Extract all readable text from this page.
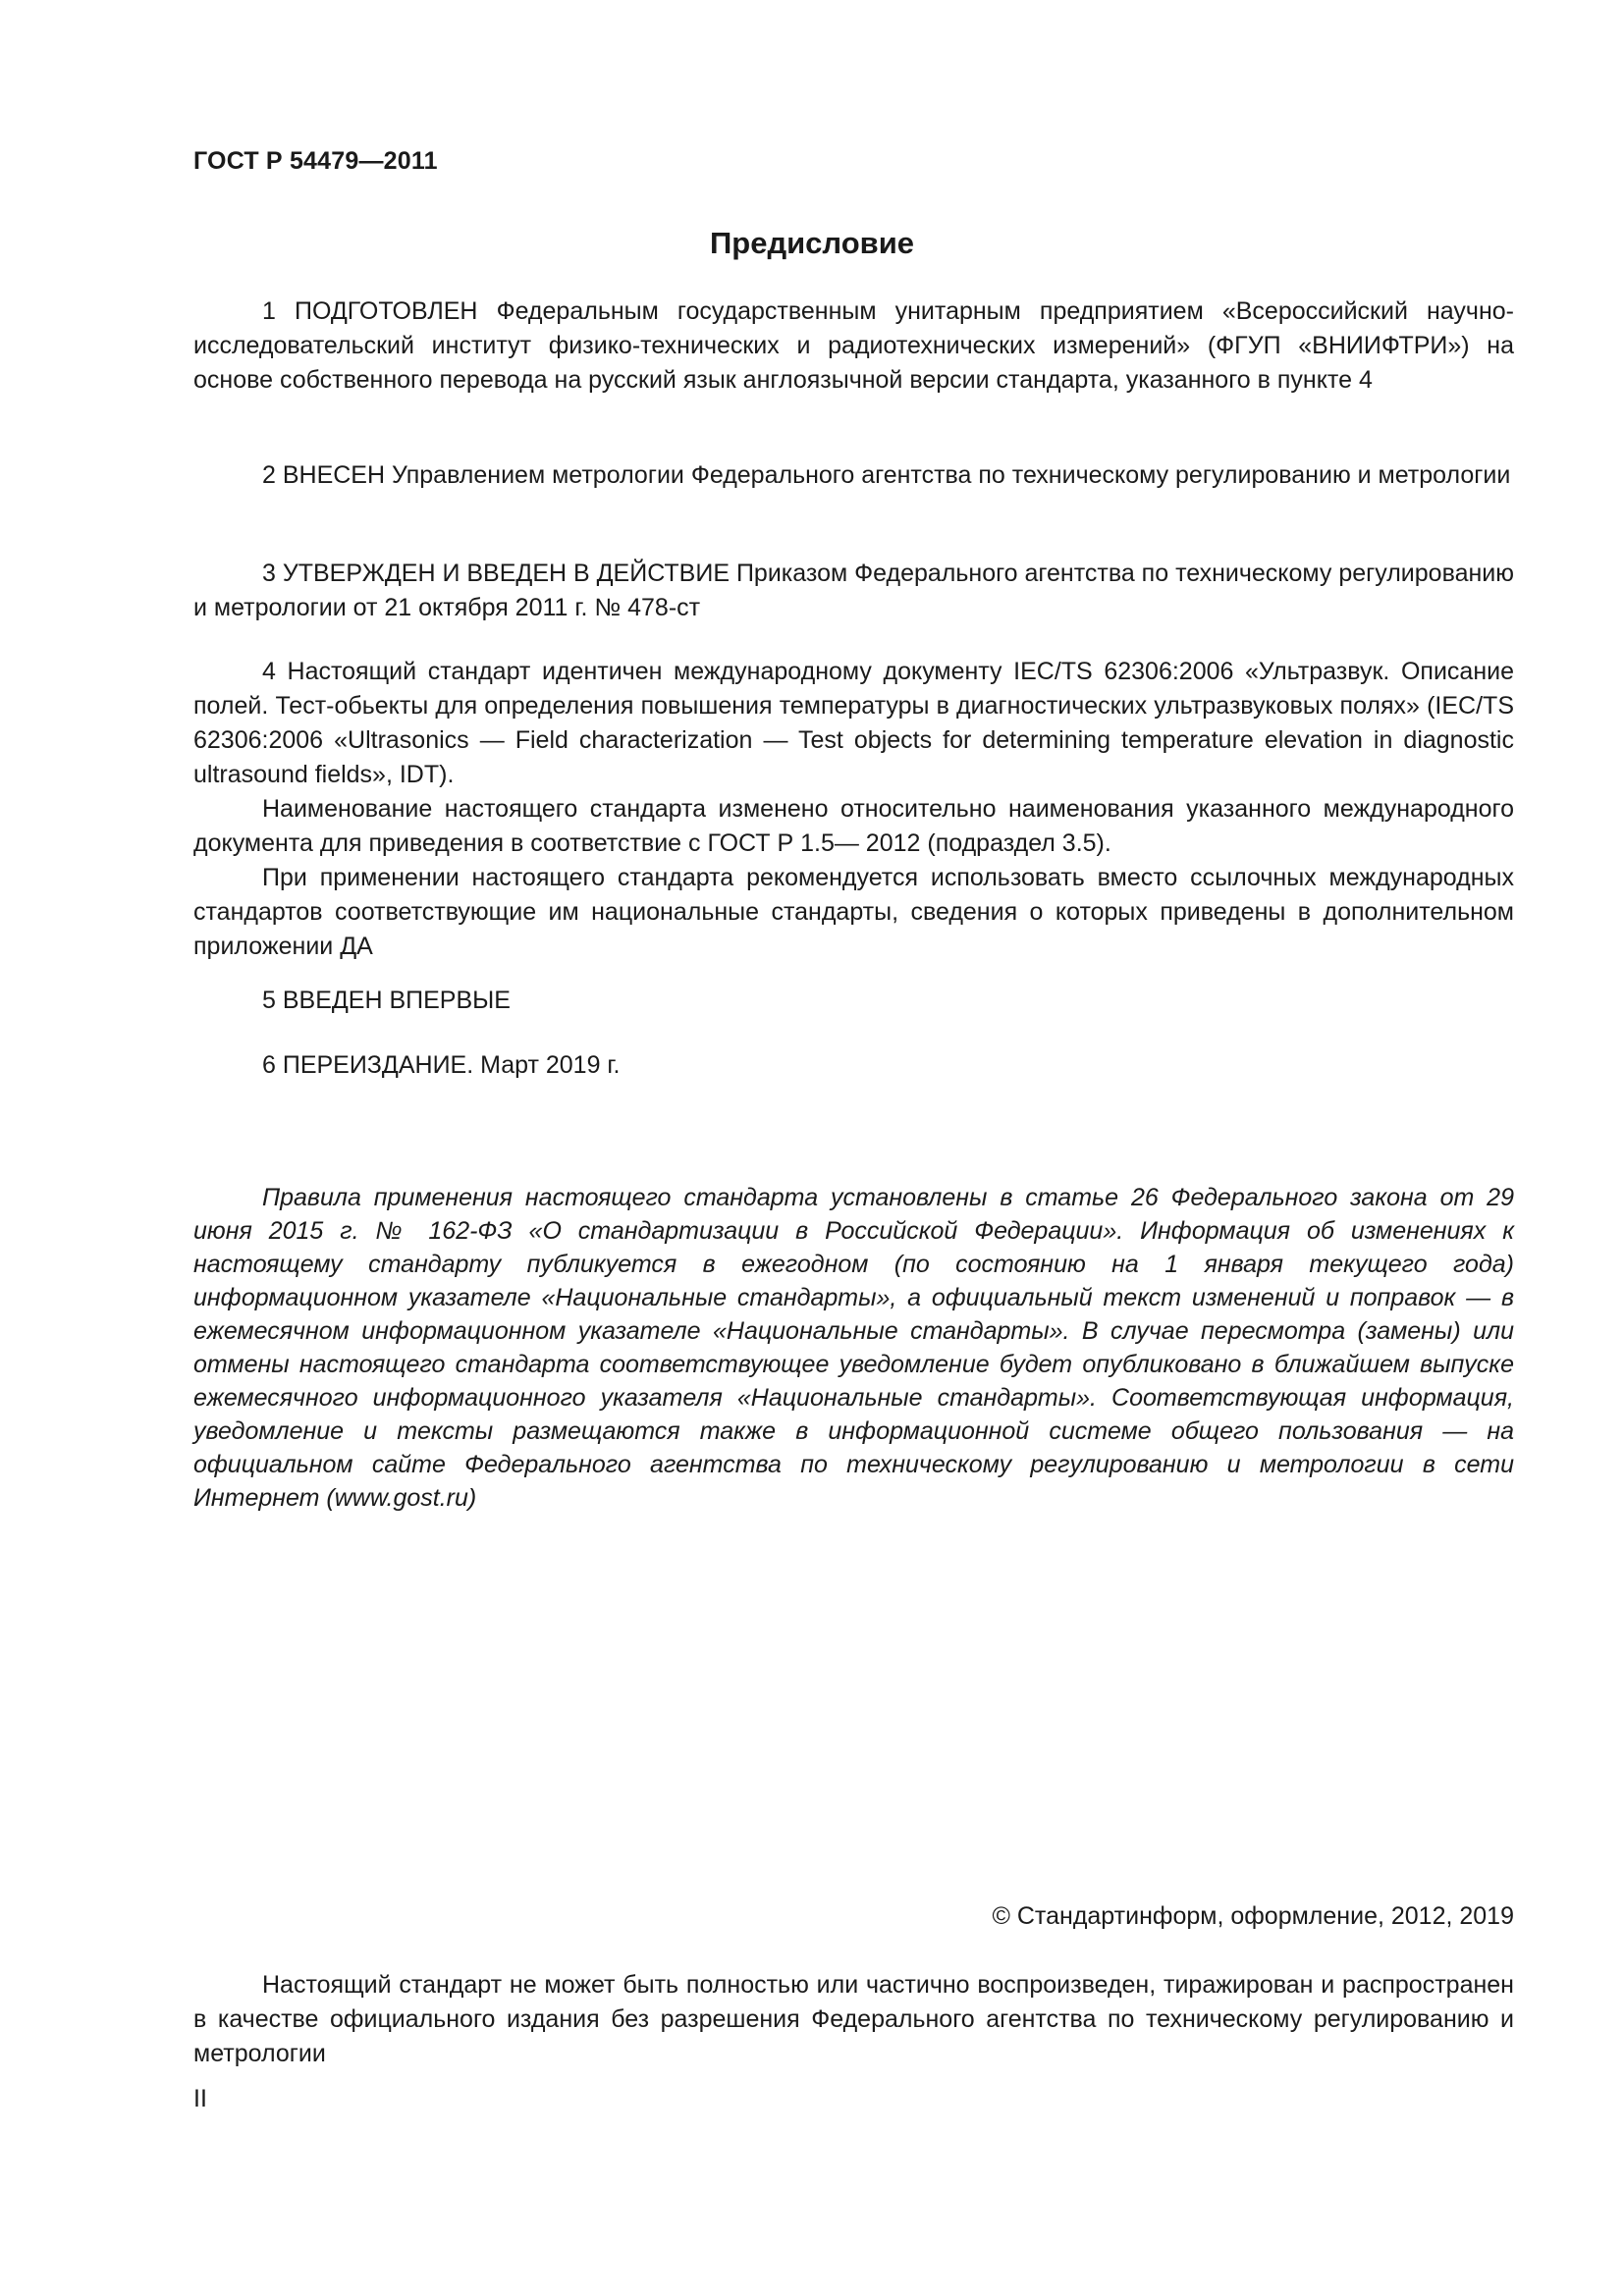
ГОСТ Р 54479—2011
Предисловие

1 ПОДГОТОВЛЕН Федеральным государственным унитарным предприятием «Всероссийский научно-исследовательский институт физико-технических и радиотехнических измерений» (ФГУП «ВНИИФТРИ») на основе собственного перевода на русский язык англоязычной версии стандарта, указанного в пункте 4

2 ВНЕСЕН Управлением метрологии Федерального агентства по техническому регулированию и метрологии

3 УТВЕРЖДЕН И ВВЕДЕН В ДЕЙСТВИЕ Приказом Федерального агентства по техническому регулированию и метрологии от 21 октября 2011 г. № 478-ст

4 Настоящий стандарт идентичен международному документу IEC/TS 62306:2006 «Ультразвук. Описание полей. Тест-обьекты для определения повышения температуры в диагностических ультразвуковых полях» (IEC/TS 62306:2006 «Ultrasonics — Field characterization — Test objects for determining temperature elevation in diagnostic ultrasound fields», IDT).

Наименование настоящего стандарта изменено относительно наименования указанного международного документа для приведения в соответствие с ГОСТ Р 1.5— 2012 (подраздел 3.5).

При применении настоящего стандарта рекомендуется использовать вместо ссылочных международных стандартов соответствующие им национальные стандарты, сведения о которых приведены в дополнительном приложении ДА

5 ВВЕДЕН ВПЕРВЫЕ

6 ПЕРЕИЗДАНИЕ. Март 2019 г.

Правила применения настоящего стандарта установлены в статье 26 Федерального закона от 29 июня 2015 г. № 162-ФЗ «О стандартизации в Российской Федерации». Информация об изменениях к настоящему стандарту публикуется в ежегодном (по состоянию на 1 января текущего года) информационном указателе «Национальные стандарты», а официальный текст изменений и поправок — в ежемесячном информационном указателе «Национальные стандарты». В случае пересмотра (замены) или отмены настоящего стандарта соответствующее уведомление будет опубликовано в ближайшем выпуске ежемесячного информационного указателя «Национальные стандарты». Соответствующая информация, уведомление и тексты размещаются также в информационной системе общего пользования — на официальном сайте Федерального агентства по техническому регулированию и метрологии в сети Интернет (www.gost.ru)

© Стандартинформ, оформление, 2012, 2019

Настоящий стандарт не может быть полностью или частично воспроизведен, тиражирован и распространен в качестве официального издания без разрешения Федерального агентства по техническому регулированию и метрологии

II
